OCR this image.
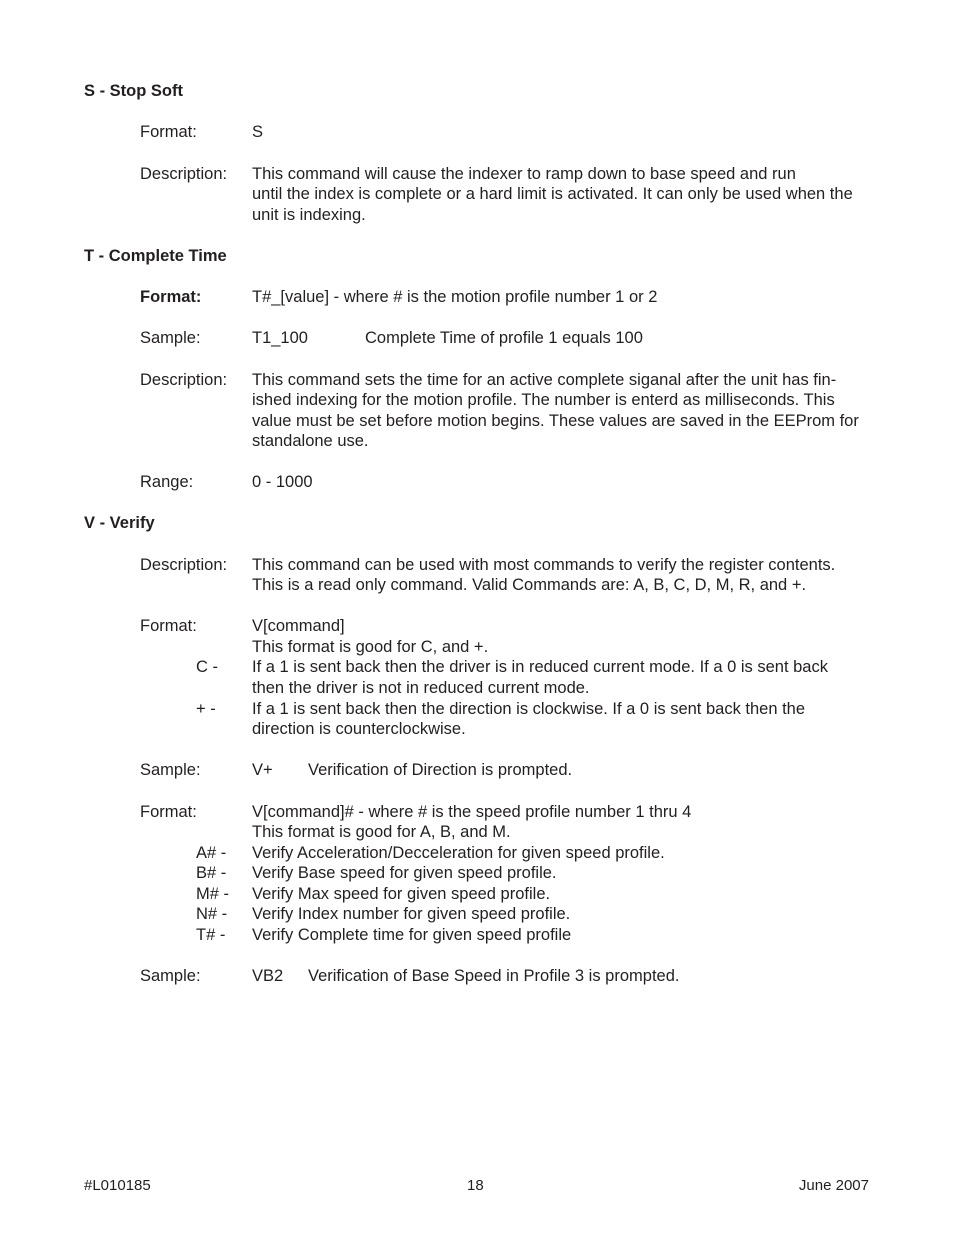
S - Stop Soft
Format:	S
Description: This command will cause the indexer to ramp down to base speed and run
until the index is complete or a hard limit is activated. It can only be used when the
unit is indexing.
T - Complete Time
Format:	T#_[value] - where # is the motion profile number 1 or 2
Sample:	T1_100	Complete Time of profile 1 equals 100
Description: This command sets the time for an active complete siganal after the unit has fin-
ished indexing for the motion profile. The number is enterd as milliseconds. This
value must be set before motion begins. These values are saved in the EEProm for
standalone use.
Range:	0 - 1000
V - Verify
Description: This command can be used with most commands to verify the register contents.
This is a read only command. Valid Commands are: A, B, C, D, M, R, and +.
Format:	V[command]
This format is good for C, and +.
C - If a 1 is sent back then the driver is in reduced current mode. If a 0 is sent back
then the driver is not in reduced current mode.
+ - If a 1 is sent back then the direction is clockwise. If a 0 is sent back then the
direction is counterclockwise.
Sample:	V+ Verification of Direction is prompted.
Format:	V[command]# - where # is the speed profile number 1 thru 4
This format is good for A, B, and M.
A# - Verify Acceleration/Decceleration for given speed profile.
B# - Verify Base speed for given speed profile.
M# - Verify Max speed for given speed profile.
N# - Verify Index number for given speed profile.
T# - Verify Complete time for given speed profile
Sample:	VB2 Verification of Base Speed in Profile 3 is prompted.
#L010185	18	June 2007
